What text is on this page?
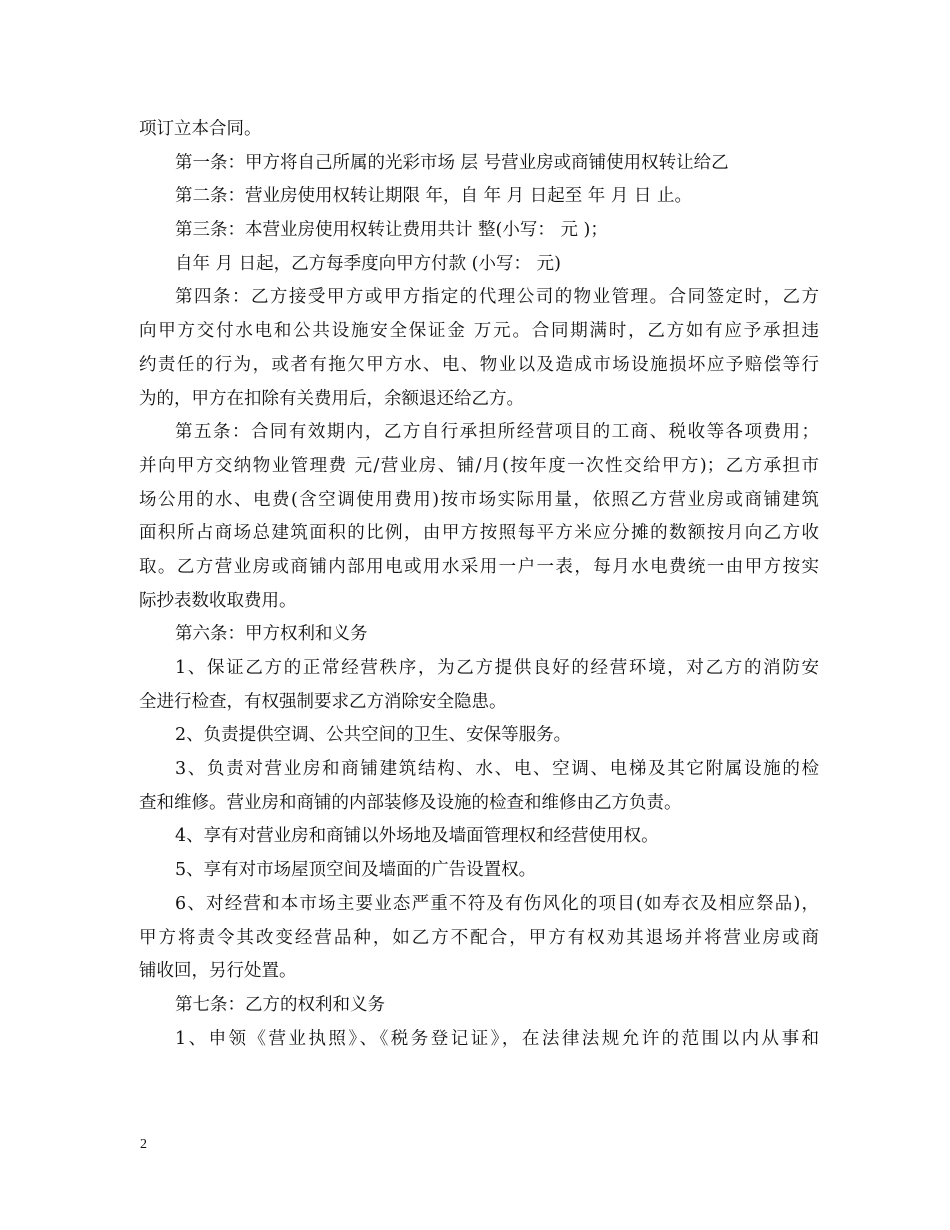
项订立本合同。
第一条：甲方将自己所属的光彩市场 层 号营业房或商铺使用权转让给乙
第二条：营业房使用权转让期限 年，自 年 月 日起至 年 月 日 止。
第三条：本营业房使用权转让费用共计 整(小写： 元 )；
自年 月 日起，乙方每季度向甲方付款 (小写： 元)
第四条：乙方接受甲方或甲方指定的代理公司的物业管理。合同签定时，乙方
向甲方交付水电和公共设施安全保证金 万元。合同期满时，乙方如有应予承担违
约责任的行为，或者有拖欠甲方水、电、物业以及造成市场设施损坏应予赔偿等行
为的，甲方在扣除有关费用后，余额退还给乙方。
第五条：合同有效期内，乙方自行承担所经营项目的工商、税收等各项费用；
并向甲方交纳物业管理费 元/营业房、铺/月(按年度一次性交给甲方)；乙方承担市
场公用的水、电费(含空调使用费用)按市场实际用量，依照乙方营业房或商铺建筑
面积所占商场总建筑面积的比例，由甲方按照每平方米应分摊的数额按月向乙方收
取。乙方营业房或商铺内部用电或用水采用一户一表，每月水电费统一由甲方按实
际抄表数收取费用。
第六条：甲方权利和义务
1、保证乙方的正常经营秩序，为乙方提供良好的经营环境，对乙方的消防安
全进行检查，有权强制要求乙方消除安全隐患。
2、负责提供空调、公共空间的卫生、安保等服务。
3、负责对营业房和商铺建筑结构、水、电、空调、电梯及其它附属设施的检
查和维修。营业房和商铺的内部装修及设施的检查和维修由乙方负责。
4、享有对营业房和商铺以外场地及墙面管理权和经营使用权。
5、享有对市场屋顶空间及墙面的广告设置权。
6、对经营和本市场主要业态严重不符及有伤风化的项目(如寿衣及相应祭品)，
甲方将责令其改变经营品种，如乙方不配合，甲方有权劝其退场并将营业房或商
铺收回，另行处置。
第七条：乙方的权利和义务
1、申领《营业执照》、《税务登记证》，在法律法规允许的范围以内从事和
2
